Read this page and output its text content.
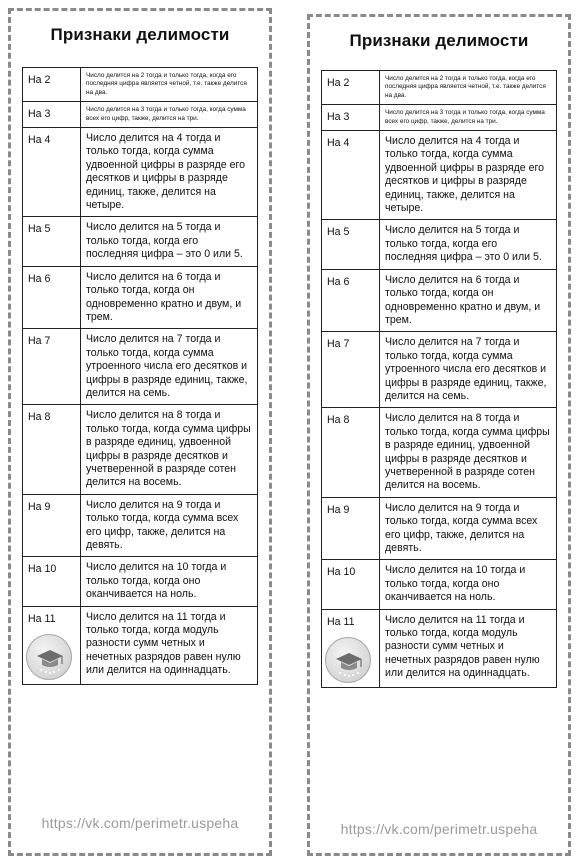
Признаки делимости
На 2	Число делится на 2 тогда и только тогда, когда его последняя цифра является четной, т.е. также делится на два.
На 3	Число делится на 3 тогда и только тогда, когда сумма всех его цифр, также, делится на три.
На 4	Число делится на 4 тогда и только тогда, когда сумма удвоенной цифры в разряде его десятков и цифры в разряде единиц, также, делится на четыре.
На 5	Число делится на 5 тогда и только тогда, когда его последняя цифра – это 0 или 5.
На 6	Число делится на 6 тогда и только тогда, когда он одновременно кратно и двум, и трем.
На 7	Число делится на 7 тогда и только тогда, когда сумма утроенного числа его десятков и цифры в разряде единиц, также, делится на семь.
На 8	Число делится на 8 тогда и только тогда, когда сумма цифры в разряде единиц, удвоенной цифры в разряде десятков и учетверенной в разряде сотен делится на восемь.
На 9	Число делится на 9 тогда и только тогда, когда сумма всех его цифр, также, делится на девять.
На 10	Число делится на 10 тогда и только тогда, когда оно оканчивается на ноль.
На 11	Число делится на 11 тогда и только тогда, когда модуль разности сумм четных и нечетных разрядов равен нулю или делится на одиннадцать.
https://vk.com/perimetr.uspeha
Признаки делимости
На 2	Число делится на 2 тогда и только тогда, когда его последняя цифра является четной, т.е. также делится на два.
На 3	Число делится на 3 тогда и только тогда, когда сумма всех его цифр, также, делится на три.
На 4	Число делится на 4 тогда и только тогда, когда сумма удвоенной цифры в разряде его десятков и цифры в разряде единиц, также, делится на четыре.
На 5	Число делится на 5 тогда и только тогда, когда его последняя цифра – это 0 или 5.
На 6	Число делится на 6 тогда и только тогда, когда он одновременно кратно и двум, и трем.
На 7	Число делится на 7 тогда и только тогда, когда сумма утроенного числа его десятков и цифры в разряде единиц, также, делится на семь.
На 8	Число делится на 8 тогда и только тогда, когда сумма цифры в разряде единиц, удвоенной цифры в разряде десятков и учетверенной в разряде сотен делится на восемь.
На 9	Число делится на 9 тогда и только тогда, когда сумма всех его цифр, также, делится на девять.
На 10	Число делится на 10 тогда и только тогда, когда оно оканчивается на ноль.
На 11	Число делится на 11 тогда и только тогда, когда модуль разности сумм четных и нечетных разрядов равен нулю или делится на одиннадцать.
https://vk.com/perimetr.uspeha
